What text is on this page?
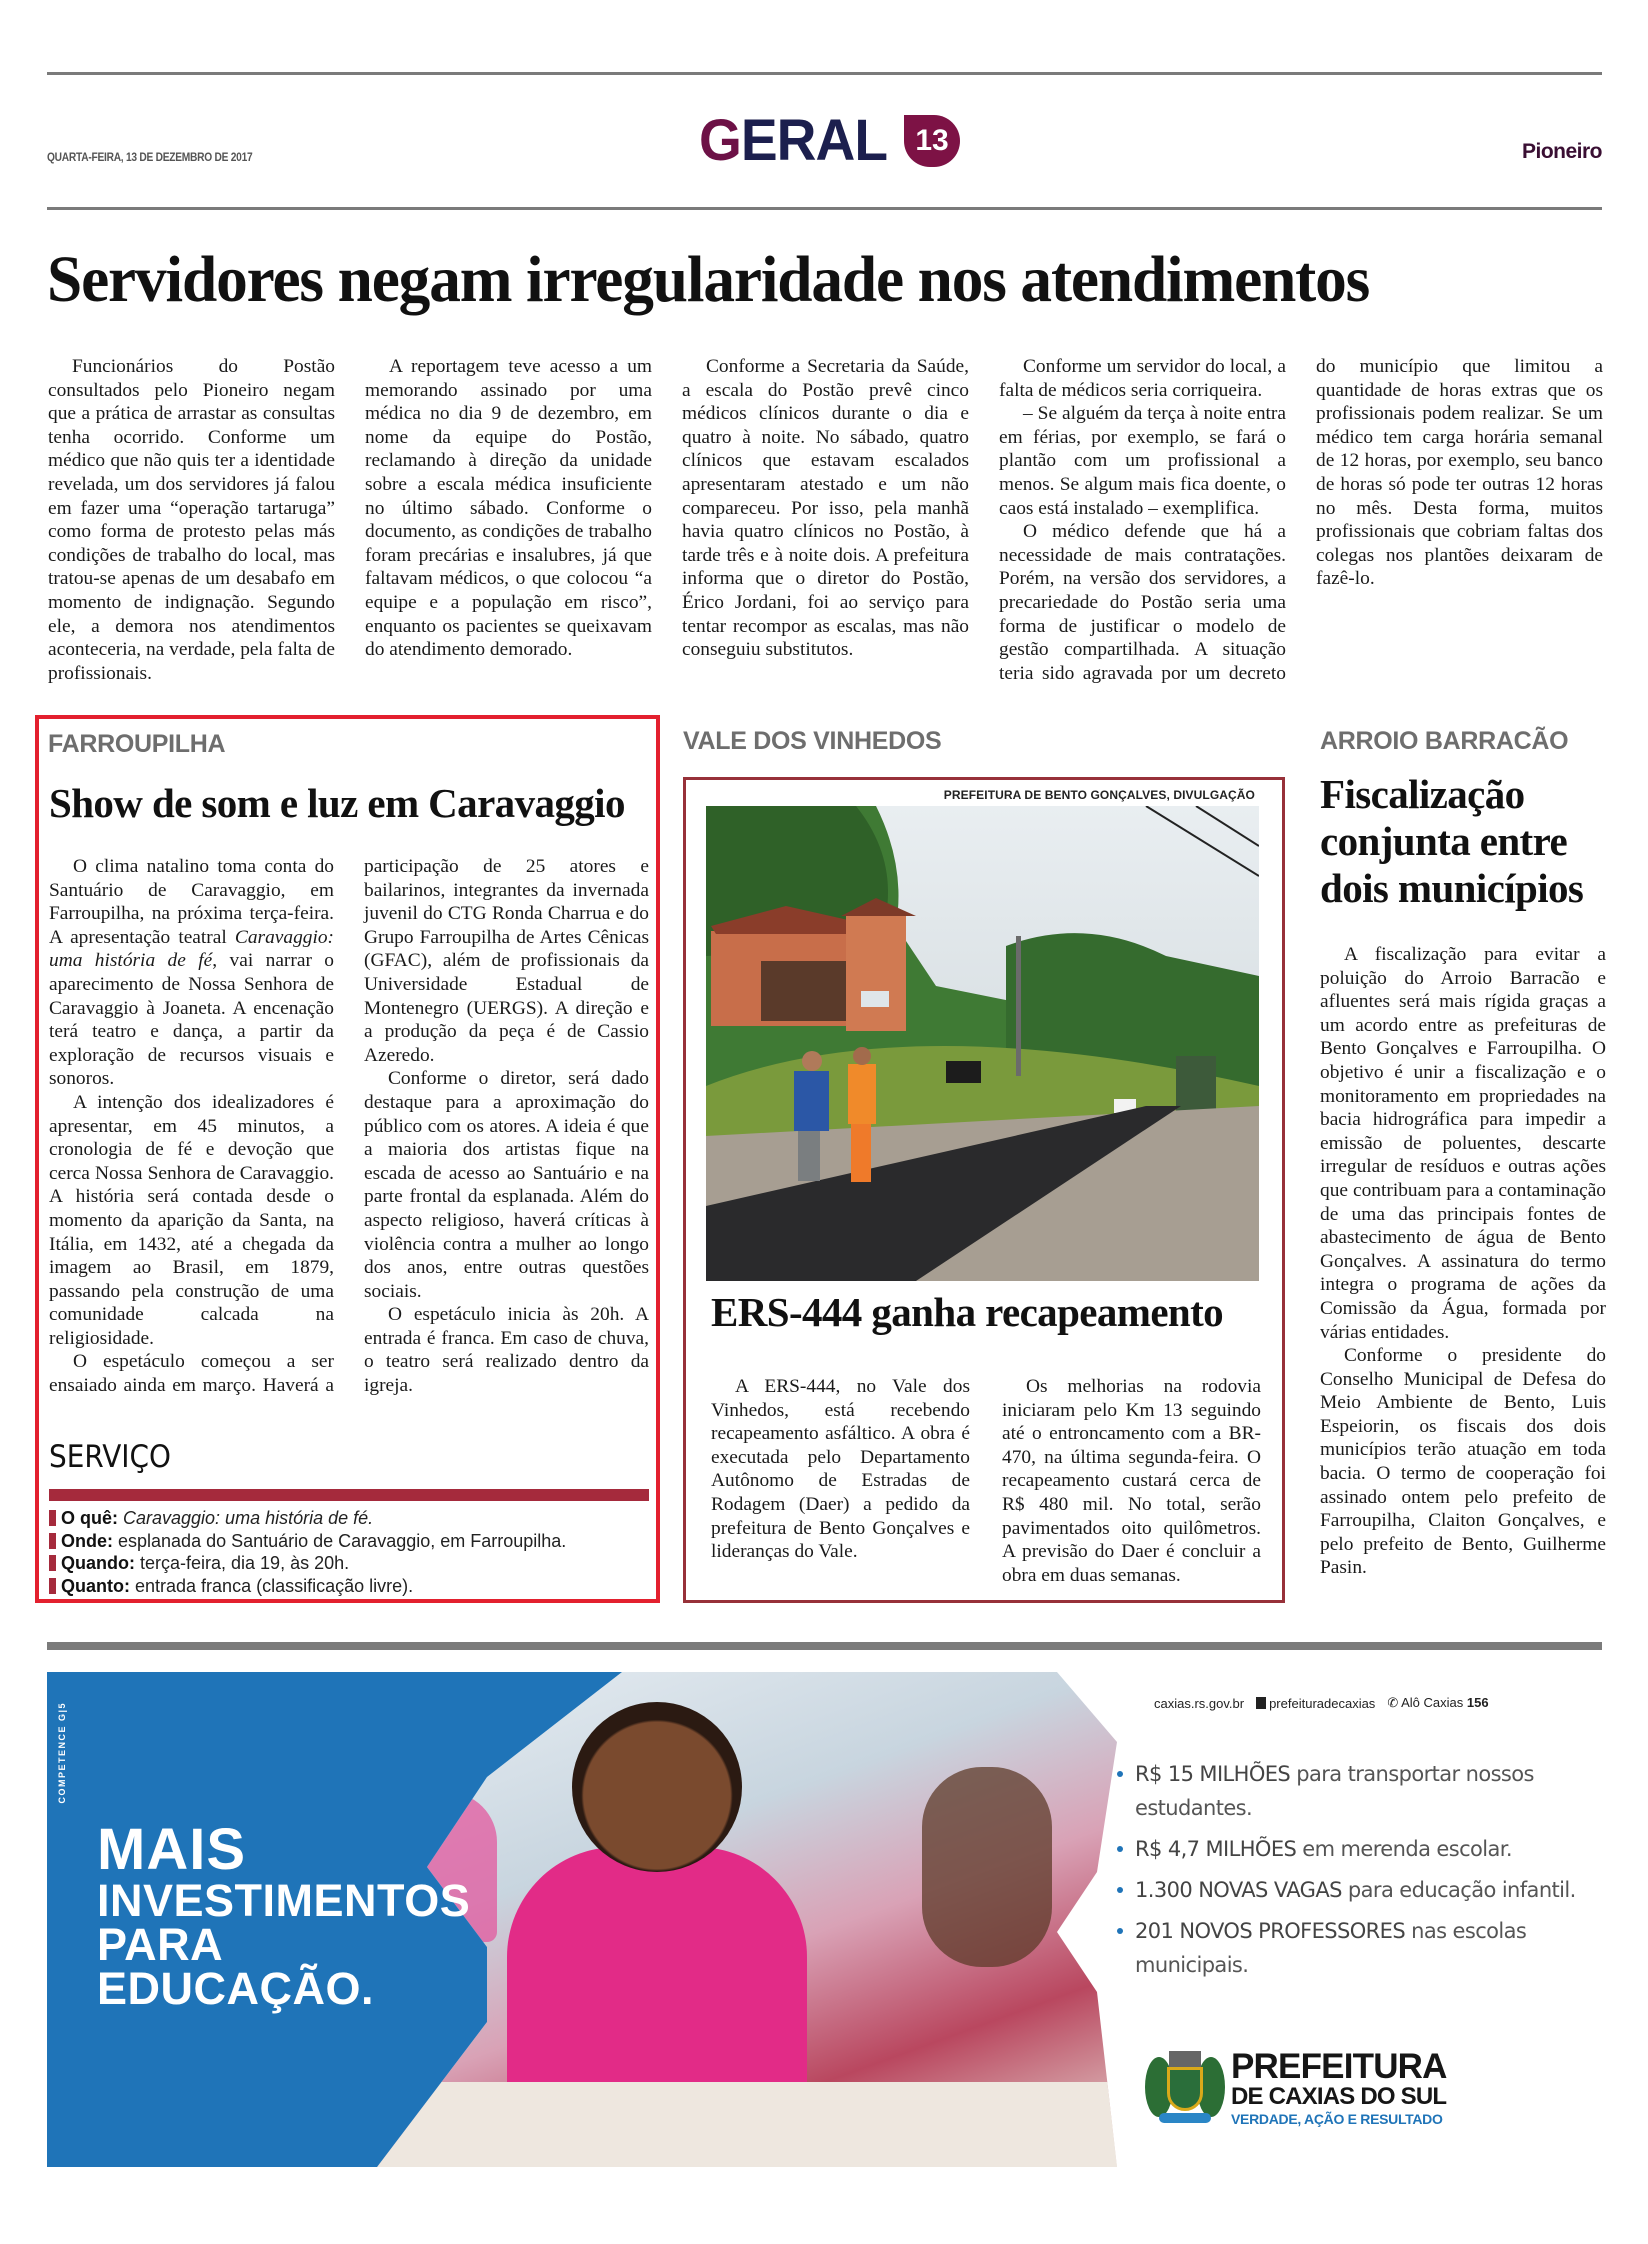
QUARTA-FEIRA, 13 DE DEZEMBRO DE 2017	GERAL 13	Pioneiro
Servidores negam irregularidade nos atendimentos

Funcionários do Postão consultados pelo Pioneiro negam que a prática de arrastar as consultas tenha ocorrido. Conforme um médico que não quis ter a identidade revelada, um dos servidores já falou em fazer uma “operação tartaruga” como forma de protesto pelas más condições de trabalho do local, mas tratou-se apenas de um desabafo em momento de indignação. Segundo ele, a demora nos atendimentos aconteceria, na verdade, pela falta de profissionais.

A reportagem teve acesso a um memorando assinado por uma médica no dia 9 de dezembro, em nome da equipe do Postão, reclamando à direção da unidade sobre a escala médica insuficiente no último sábado. Conforme o documento, as condições de trabalho foram precárias e insalubres, já que faltavam médicos, o que colocou “a equipe e a população em risco”, enquanto os pacientes se queixavam do atendimento demorado.

Conforme a Secretaria da Saúde, a escala do Postão prevê cinco médicos clínicos durante o dia e quatro à noite. No sábado, quatro clínicos que estavam escalados apresentaram atestado e um não compareceu. Por isso, pela manhã havia quatro clínicos no Postão, à tarde três e à noite dois. A prefeitura informa que o diretor do Postão, Érico Jordani, foi ao serviço para tentar recompor as escalas, mas não conseguiu substitutos.

Conforme um servidor do local, a falta de médicos seria corriqueira.

– Se alguém da terça à noite entra em férias, por exemplo, se fará o plantão com um profissional a menos. Se algum mais fica doente, o caos está instalado – exemplifica.

O médico defende que há a necessidade de mais contratações. Porém, na versão dos servidores, a precariedade do Postão seria uma forma de justificar o modelo de gestão compartilhada. A situação teria sido agravada por um decreto do município que limitou a quantidade de horas extras que os profissionais podem realizar. Se um médico tem carga horária semanal de 12 horas, por exemplo, seu banco de horas só pode ter outras 12 horas no mês. Desta forma, muitos profissionais que cobriam faltas dos colegas nos plantões deixaram de fazê-lo.

FARROUPILHA
Show de som e luz em Caravaggio

O clima natalino toma conta do Santuário de Caravaggio, em Farroupilha, na próxima terça-feira. A apresentação teatral Caravaggio: uma história de fé, vai narrar o aparecimento de Nossa Senhora de Caravaggio à Joaneta. A encenação terá teatro e dança, a partir da exploração de recursos visuais e sonoros.

A intenção dos idealizadores é apresentar, em 45 minutos, a cronologia de fé e devoção que cerca Nossa Senhora de Caravaggio. A história será contada desde o momento da aparição da Santa, na Itália, em 1432, até a chegada da imagem ao Brasil, em 1879, passando pela construção de uma comunidade calcada na religiosidade.

O espetáculo começou a ser ensaiado ainda em março. Haverá a participação de 25 atores e bailarinos, integrantes da invernada juvenil do CTG Ronda Charrua e do Grupo Farroupilha de Artes Cênicas (GFAC), além de profissionais da Universidade Estadual de Montenegro (UERGS). A direção e a produção da peça é de Cassio Azeredo.

Conforme o diretor, será dado destaque para a aproximação do público com os atores. A ideia é que a maioria dos artistas fique na escada de acesso ao Santuário e na parte frontal da esplanada. Além do aspecto religioso, haverá críticas à violência contra a mulher ao longo dos anos, entre outras questões sociais.

O espetáculo inicia às 20h. A entrada é franca. Em caso de chuva, o teatro será realizado dentro da igreja.

SERVIÇO
O quê: Caravaggio: uma história de fé.
Onde: esplanada do Santuário de Caravaggio, em Farroupilha.
Quando: terça-feira, dia 19, às 20h.
Quanto: entrada franca (classificação livre).
VALE DOS VINHEDOS
PREFEITURA DE BENTO GONÇALVES, DIVULGAÇÃO
ERS-444 ganha recapeamento

A ERS-444, no Vale dos Vinhedos, está recebendo recapeamento asfáltico. A obra é executada pelo Departamento Autônomo de Estradas de Rodagem (Daer) a pedido da prefeitura de Bento Gonçalves e lideranças do Vale.

Os melhorias na rodovia iniciaram pelo Km 13 seguindo até o entroncamento com a BR-470, na última segunda-feira. O recapeamento custará cerca de R$ 480 mil. No total, serão pavimentados oito quilômetros. A previsão do Daer é concluir a obra em duas semanas.

ARROIO BARRACÃO
Fiscalização conjunta entre dois municípios

A fiscalização para evitar a poluição do Arroio Barracão e afluentes será mais rígida graças a um acordo entre as prefeituras de Bento Gonçalves e Farroupilha. O objetivo é unir a fiscalização e o monitoramento em propriedades na bacia hidrográfica para impedir a emissão de poluentes, descarte irregular de resíduos e outras ações que contribuam para a contaminação de uma das principais fontes de abastecimento de água de Bento Gonçalves. A assinatura do termo integra o programa de ações da Comissão da Água, formada por várias entidades.

Conforme o presidente do Conselho Municipal de Defesa do Meio Ambiente de Bento, Luis Espeiorin, os fiscais dos dois municípios terão atuação em toda bacia. O termo de cooperação foi assinado ontem pelo prefeito de Farroupilha, Claiton Gonçalves, e pelo prefeito de Bento, Guilherme Pasin.

COMPETENCE G|5
MAIS
INVESTIMENTOS
PARA
EDUCAÇÃO.
caxias.rs.gov.br	prefeituradecaxias ✆ Alô Caxias 156
R$ 15 MILHÕES para transportar nossos estudantes.
R$ 4,7 MILHÕES em merenda escolar.
1.300 NOVAS VAGAS para educação infantil.
201 NOVOS PROFESSORES nas escolas municipais.
PREFEITURA
DE CAXIAS DO SUL
VERDADE, AÇÃO E RESULTADO
